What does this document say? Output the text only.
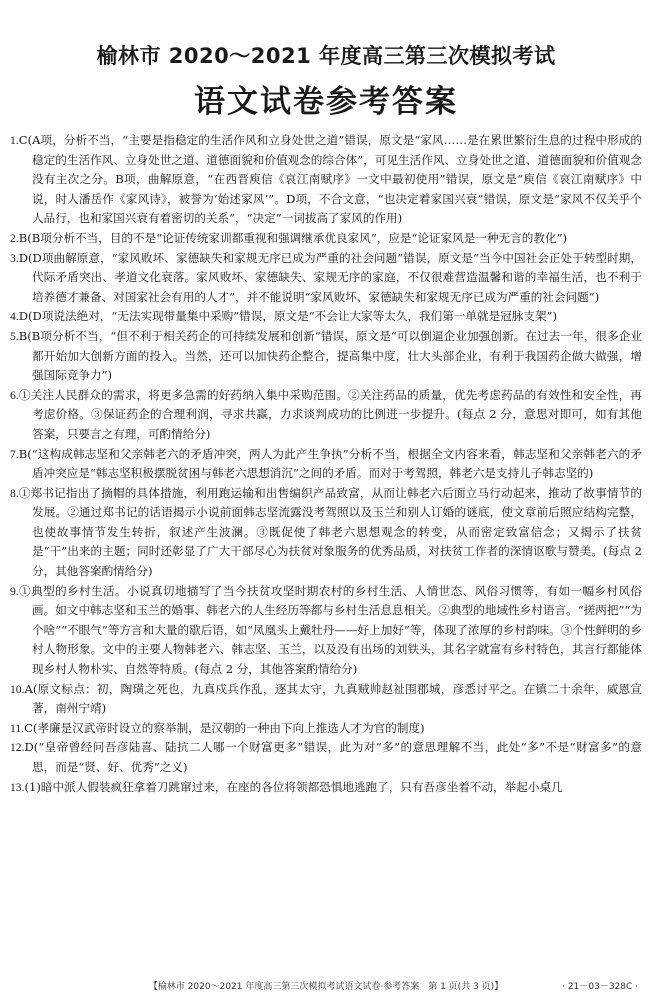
榆林市 2020～2021 年度高三第三次模拟考试
语文试卷参考答案

1.C(A项，分析不当，“主要是指稳定的生活作风和立身处世之道”错误，原文是“家风……是在累世繁衍生息的过程中形成的稳定的生活作风、立身处世之道、道德面貌和价值观念的综合体”，可见生活作风、立身处世之道、道德面貌和价值观念没有主次之分。B项，曲解原意，“在西晋庾信《哀江南赋序》一文中最初使用”错误，原文是“庾信《哀江南赋序》中说，时人潘岳作《家风诗》，被誉为‘始述家风’”。D项，不合文意，“也决定着家国兴衰”错误，原文是“家风不仅关乎个人品行，也和家国兴衰有着密切的关系”，“决定”一词拔高了家风的作用)

2.B(B项分析不当，目的不是“论证传统家训都重视和强调继承优良家风”，应是“论证家风是一种无言的教化”)

3.D(D项曲解原意，“家风败坏、家德缺失和家规无序已成为严重的社会问题”错误，原文是“当今中国社会正处于转型时期，代际矛盾突出、孝道文化衰落。家风败坏、家德缺失、家规无序的家庭，不仅很难营造温馨和谐的幸福生活，也不利于培养德才兼备、对国家社会有用的人才”，并不能说明“家风败坏、家德缺失和家规无序已成为严重的社会问题”)

4.D(D项说法绝对，“无法实现带量集中采购”错误，原文是“不会让大家等太久，我们第一单就是冠脉支架”)

5.B(B项分析不当，“但不利于相关药企的可持续发展和创新”错误，原文是“可以倒逼企业加强创新。在过去一年，很多企业都开始加大创新方面的投入。当然，还可以加快药企整合，提高集中度，壮大头部企业，有利于我国药企做大做强，增强国际竞争力”)

6.①关注人民群众的需求，将更多急需的好药纳入集中采购范围。②关注药品的质量，优先考虑药品的有效性和安全性，再考虑价格。③保证药企的合理利润，寻求共赢，力求谈判成功的比例进一步提升。(每点 2 分，意思对即可，如有其他答案，只要言之有理，可酌情给分)

7.B(“这构成韩志坚和父亲韩老六的矛盾冲突，两人为此产生争执”分析不当，根据全文内容来看，韩志坚和父亲韩老六的矛盾冲突应是“韩志坚积极摆脱贫困与韩老六思想消沉”之间的矛盾。而对于考驾照，韩老六是支持儿子韩志坚的)

8.①郑书记指出了摘帽的具体措施，利用跑运输和出售编织产品致富，从而让韩老六后面立马行动起来，推动了故事情节的发展。②通过郑书记的话语揭示小说前面韩志坚流露没考驾照以及玉兰和别人订婚的谜底，使文章前后照应结构完整，也使故事情节发生转折，叙述产生波澜。③既促使了韩老六思想观念的转变，从而密定致富信念；又揭示了扶贫是“干”出来的主题；同时还彰显了广大干部尽心为扶贫对象服务的优秀品质，对扶贫工作者的深情讴歌与赞美。(每点 2 分，其他答案酌情给分)

9.①典型的乡村生活。小说真切地描写了当今扶贫攻坚时期农村的乡村生活、人情世态、风俗习惯等，有如一幅乡村风俗画。如文中韩志坚和玉兰的婚事、韩老六的人生经历等都与乡村生活息息相关。②典型的地域性乡村语言。“搓两把”“为个啥”“不眼气”等方言和大量的歇后语，如“凤凰头上戴牡丹——好上加好”等，体现了浓厚的乡村韵味。③个性鲜明的乡村人物形象。文中的主要人物韩老六、韩志坚、玉兰，以及没有出场的刘铁头，其名字就富有乡村特色，其言行都能体现乡村人物朴实、自然等特质。(每点 2 分，其他答案酌情给分)

10.A(原文标点：初，陶璜之死也，九真戍兵作乱，逐其太守，九真贼帅赵祉围郡城，彦悉讨平之。在镇二十余年，威恩宣著，南州宁靖)

11.C(孝廉是汉武帝时设立的察举制，是汉朝的一种由下向上推选人才为官的制度)

12.D(“皇帝曾经问吾彦陆喜、陆抗二人哪一个财富更多”错误，此为对“多”的意思理解不当，此处“多”不是“财富多”的意思，而是“贤、好、优秀”之义)

13.(1)暗中派人假装疯狂拿着刀跳窜过来，在座的各位将领都恐惧地逃跑了，只有吾彦坐着不动，举起小桌几

【榆林市 2020～2021 年度高三第三次模拟考试语文试卷·参考答案　第 1 页(共 3 页)】	· 21－03－328C ·
